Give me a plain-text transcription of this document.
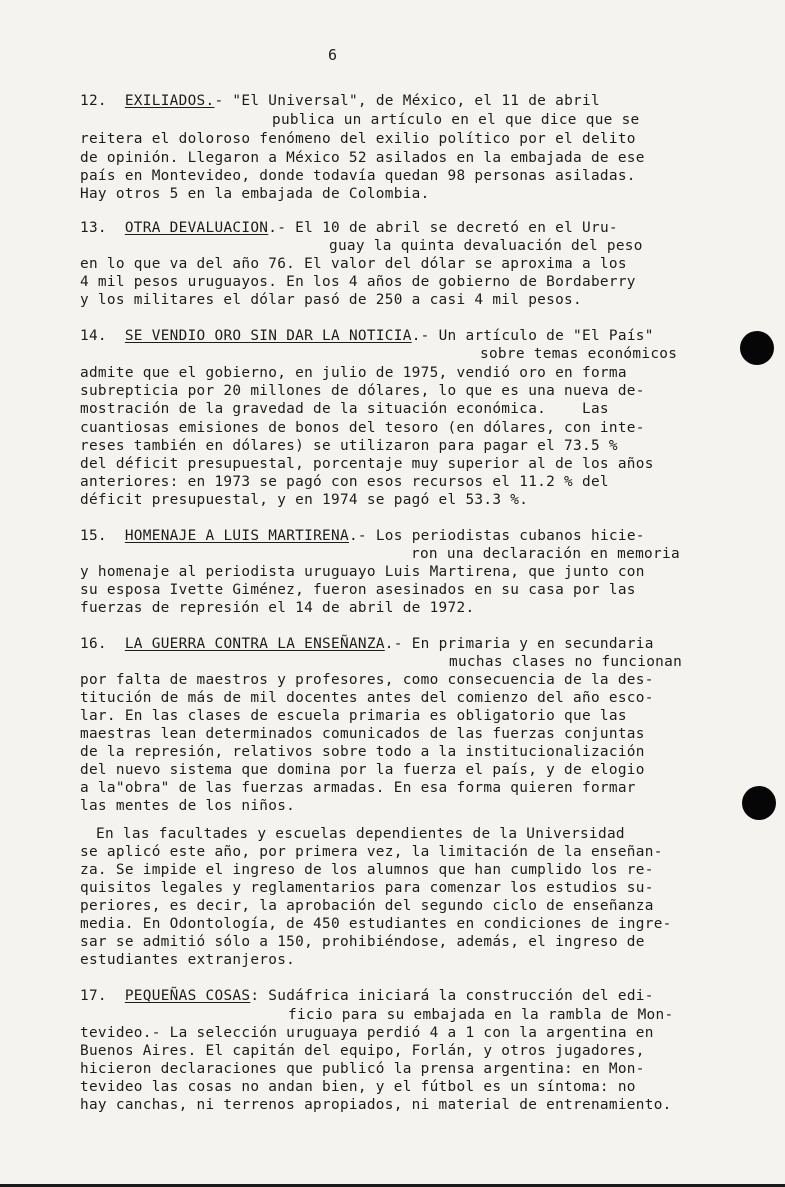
6
12. EXILIADOS.- "El Universal", de México, el 11 de abril
publica un artículo en el que dice que se
reitera el doloroso fenómeno del exilio político por el delito
de opinión. Llegaron a México 52 asilados en la embajada de ese
país en Montevideo, donde todavía quedan 98 personas asiladas.
Hay otros 5 en la embajada de Colombia.
13. OTRA DEVALUACION.- El 10 de abril se decretó en el Uru-
guay la quinta devaluación del peso
en lo que va del año 76. El valor del dólar se aproxima a los
4 mil pesos uruguayos. En los 4 años de gobierno de Bordaberry
y los militares el dólar pasó de 250 a casi 4 mil pesos.
14. SE VENDIO ORO SIN DAR LA NOTICIA.- Un artículo de "El País"
sobre temas económicos
admite que el gobierno, en julio de 1975, vendió oro en forma
subrepticia por 20 millones de dólares, lo que es una nueva de-
mostración de la gravedad de la situación económica.    Las
cuantiosas emisiones de bonos del tesoro (en dólares, con inte-
reses también en dólares) se utilizaron para pagar el 73.5 %
del déficit presupuestal, porcentaje muy superior al de los años
anteriores: en 1973 se pagó con esos recursos el 11.2 % del
déficit presupuestal, y en 1974 se pagó el 53.3 %.
15. HOMENAJE A LUIS MARTIRENA.- Los periodistas cubanos hicie-
ron una declaración en memoria
y homenaje al periodista uruguayo Luis Martirena, que junto con
su esposa Ivette Giménez, fueron asesinados en su casa por las
fuerzas de represión el 14 de abril de 1972.
16. LA GUERRA CONTRA LA ENSEÑANZA.- En primaria y en secundaria
muchas clases no funcionan
por falta de maestros y profesores, como consecuencia de la des-
titución de más de mil docentes antes del comienzo del año esco-
lar. En las clases de escuela primaria es obligatorio que las
maestras lean determinados comunicados de las fuerzas conjuntas
de la represión, relativos sobre todo a la institucionalización
del nuevo sistema que domina por la fuerza el país, y de elogio
a la"obra" de las fuerzas armadas. En esa forma quieren formar
las mentes de los niños.
En las facultades y escuelas dependientes de la Universidad
se aplicó este año, por primera vez, la limitación de la enseñan-
za. Se impide el ingreso de los alumnos que han cumplido los re-
quisitos legales y reglamentarios para comenzar los estudios su-
periores, es decir, la aprobación del segundo ciclo de enseñanza
media. En Odontología, de 450 estudiantes en condiciones de ingre-
sar se admitió sólo a 150, prohibiéndose, además, el ingreso de
estudiantes extranjeros.
17. PEQUEÑAS COSAS: Sudáfrica iniciará la construcción del edi-
ficio para su embajada en la rambla de Mon-
tevideo.- La selección uruguaya perdió 4 a 1 con la argentina en
Buenos Aires. El capitán del equipo, Forlán, y otros jugadores,
hicieron declaraciones que publicó la prensa argentina: en Mon-
tevideo las cosas no andan bien, y el fútbol es un síntoma: no
hay canchas, ni terrenos apropiados, ni material de entrenamiento.
